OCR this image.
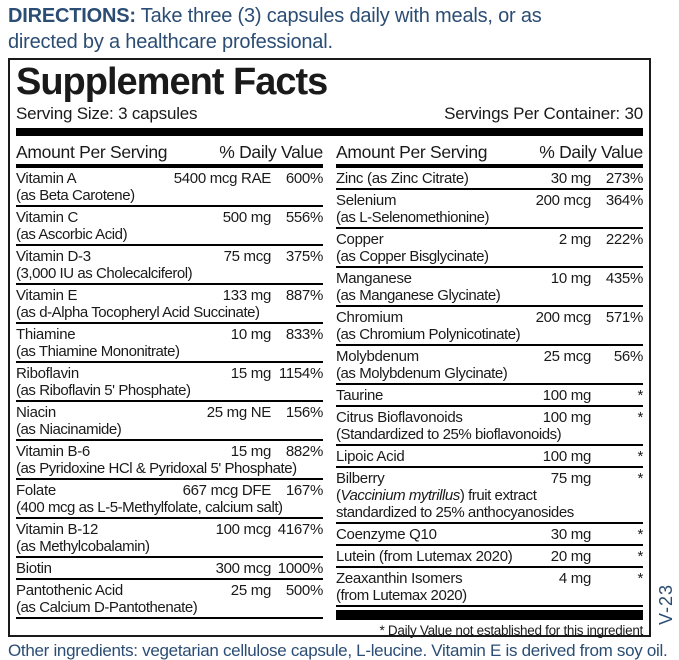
DIRECTIONS: Take three (3) capsules daily with meals, or as
directed by a healthcare professional.
Supplement Facts
Serving Size: 3 capsules	Servings Per Container: 30
Amount Per Serving	% Daily Value
Vitamin A	5400 mcg RAE 600%
(as Beta Carotene)
Vitamin C	500 mg 556%
(as Ascorbic Acid)
Vitamin D-3	75 mcg 375%
(3,000 IU as Cholecalciferol)
Vitamin E	133 mg 887%
(as d-Alpha Tocopheryl Acid Succinate)
Thiamine	10 mg 833%
(as Thiamine Mononitrate)
Riboflavin	15 mg 1154%
(as Riboflavin 5' Phosphate)
Niacin	25 mg NE 156%
(as Niacinamide)
Vitamin B-6	15 mg 882%
(as Pyridoxine HCl & Pyridoxal 5' Phosphate)
Folate	667 mcg DFE 167%
(400 mcg as L-5-Methylfolate, calcium salt)
Vitamin B-12	100 mcg 4167%
(as Methylcobalamin)
Biotin	300 mcg 1000%
Pantothenic Acid	25 mg 500%
(as Calcium D-Pantothenate)
Amount Per Serving	% Daily Value
Zinc (as Zinc Citrate)	30 mg 273%
Selenium	200 mcg 364%
(as L-Selenomethionine)
Copper	2 mg 222%
(as Copper Bisglycinate)
Manganese	10 mg 435%
(as Manganese Glycinate)
Chromium	200 mcg 571%
(as Chromium Polynicotinate)
Molybdenum	25 mcg	56%
(as Molybdenum Glycinate)
Taurine	100 mg	*
Citrus Bioflavonoids	100 mg	*
(Standardized to 25% bioflavonoids)
Lipoic Acid	100 mg	*
Bilberry	75 mg	*
(Vaccinium mytrillus) fruit extract
standardized to 25% anthocyanosides
Coenzyme Q10	30 mg	*
Lutein (from Lutemax 2020)	20 mg	*
Zeaxanthin Isomers	4 mg	*
(from Lutemax 2020)
* Daily Value not established for this ingredient
Other ingredients: vegetarian cellulose capsule, L-leucine. Vitamin E is derived from soy oil.
V-23
